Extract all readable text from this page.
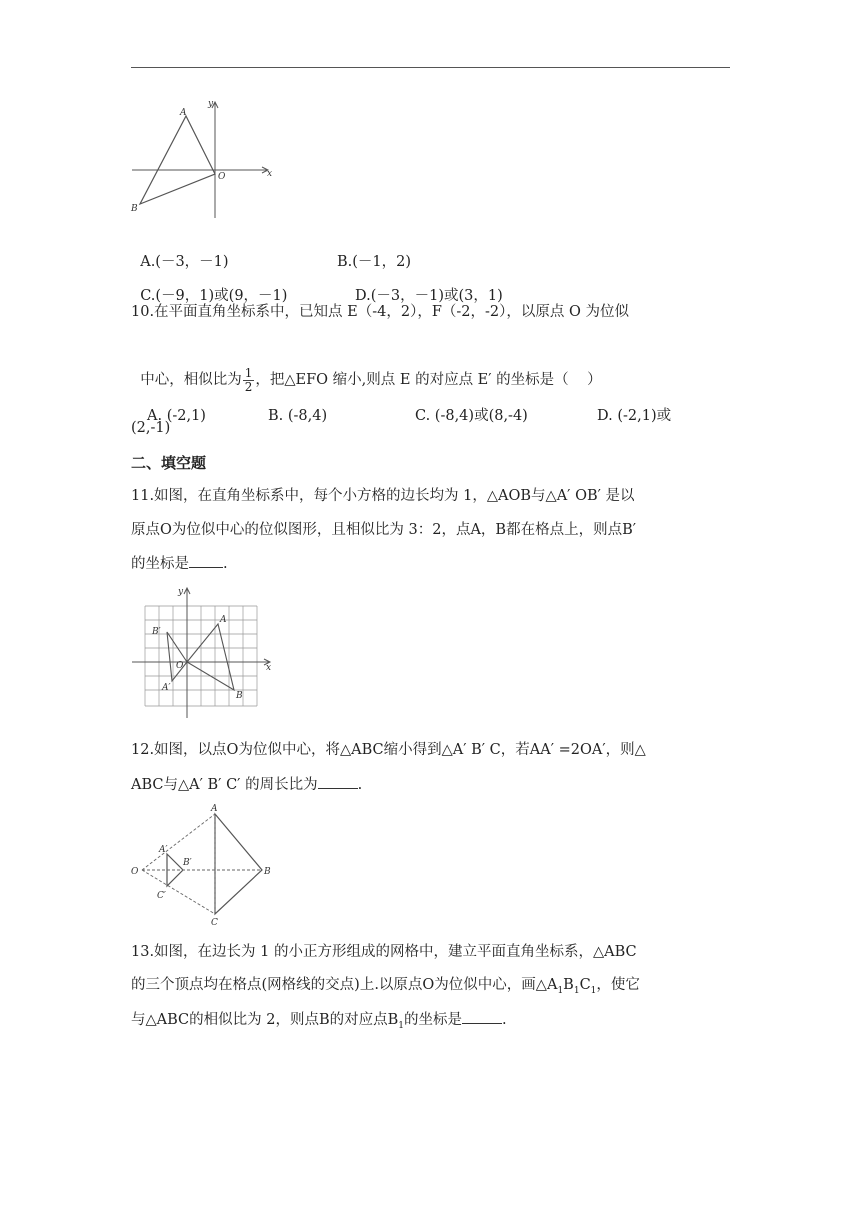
A
B
O	x
y

A.(－3，－1)	B.(－1，2)

C.(－9，1)或(9，－1)	D.(－3，－1)或(3，1)

10.在平面直角坐标系中，已知点 E（-4，2），F（-2，-2），以原点 O 为位似

中心，相似比为 $\frac{1}{2}$ ，把△EFO 缩小,则点 E 的对应点 E′ 的坐标是（    ）

A. (-2,1)	B. (-8,4)	C. (-8,4)或(8,-4)	D. (-2,1)或

(2,-1)
二、填空题
11.如图，在直角坐标系中，每个小方格的边长均为 1，△AOB与△A′ OB′ 是以
原点O为位似中心的位似图形，且相似比为 3：2，点A，B都在格点上，则点B′
的坐标是 .
A
B
B′
A′
O	x
y
12.如图，以点O为位似中心，将△ABC缩小得到△A′ B′ C，若AA′ =2OA′，则△
ABC与△A′ B′ C′ 的周长比为	.
A
B
C
A′
B′
C′
O
13.如图，在边长为 1 的小正方形组成的网格中，建立平面直角坐标系，△ABC
的三个顶点均在格点(网格线的交点)上.以原点O为位似中心，画$\triangle A_1B_1C_1$，使它
与△ABC的相似比为 2，则点B的对应点$B_1$的坐标是	.
